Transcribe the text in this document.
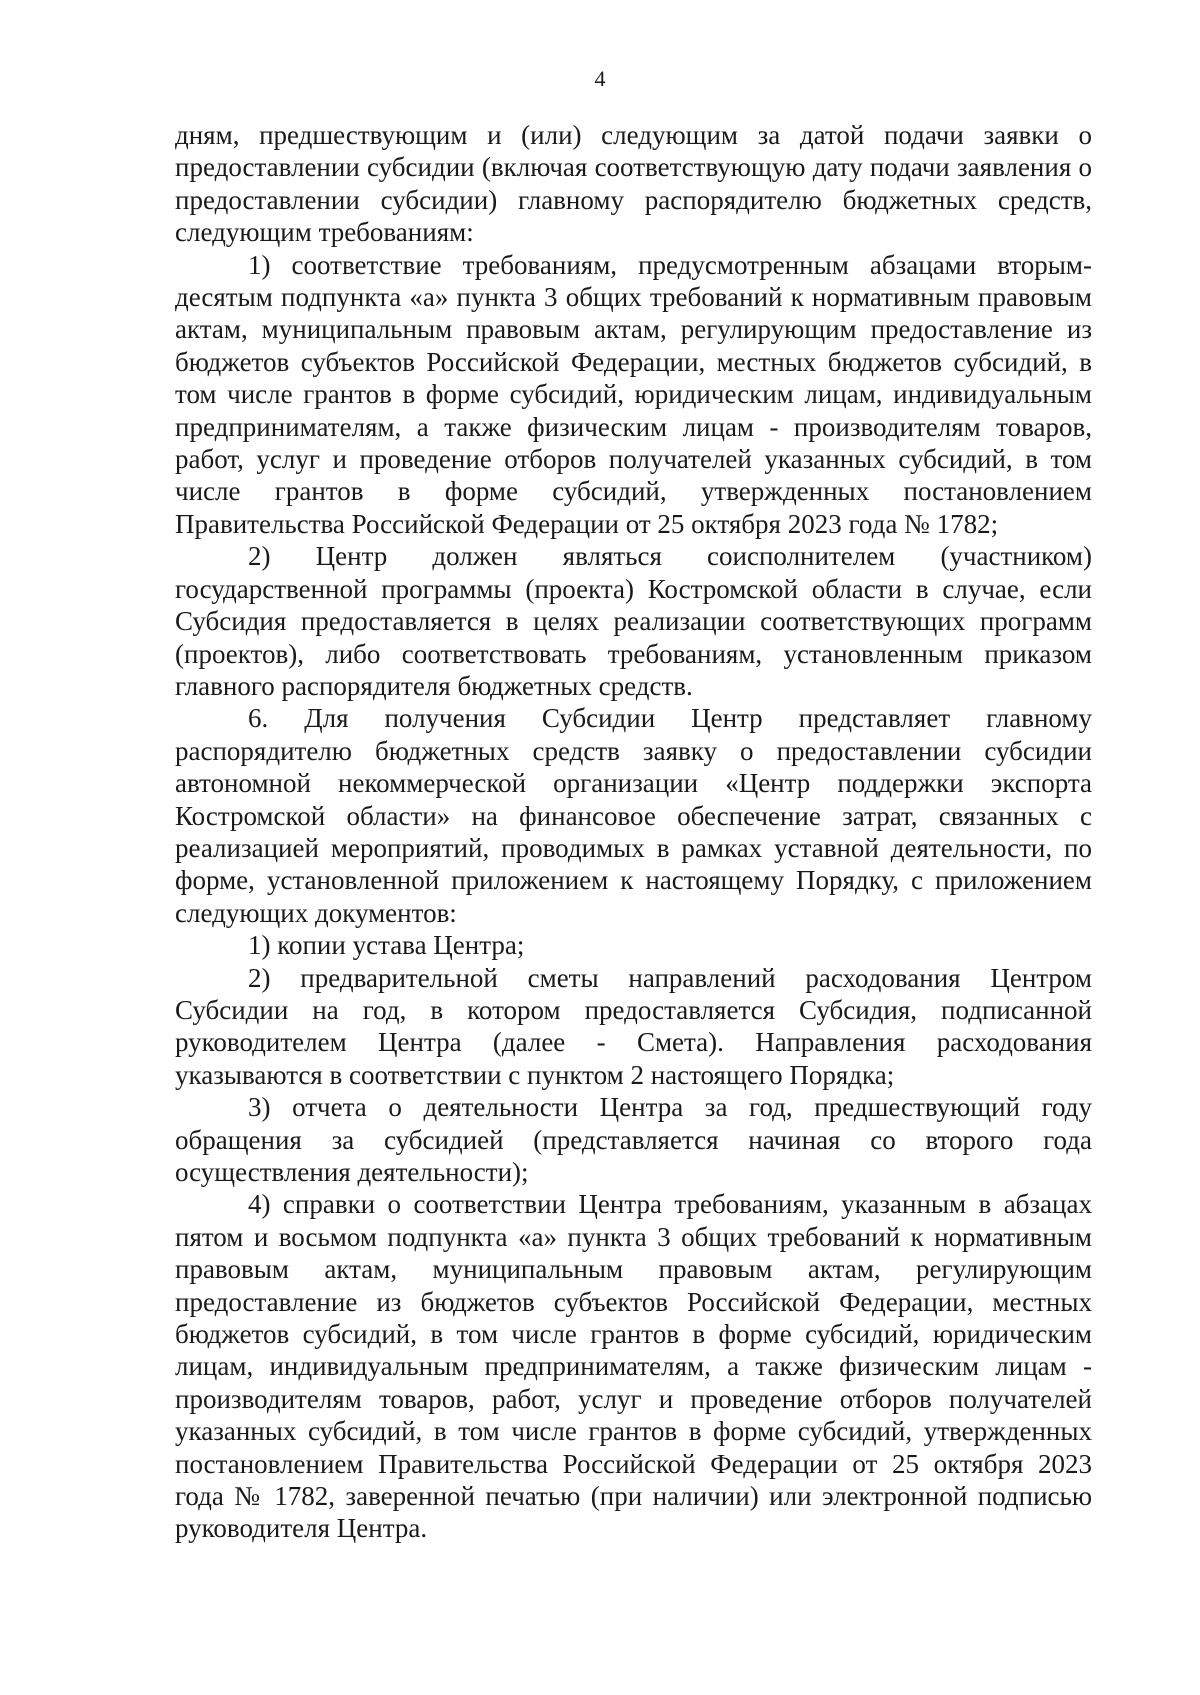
4

дням, предшествующим и (или) следующим за датой подачи заявки о предоставлении субсидии (включая соответствующую дату подачи заявления о предоставлении субсидии) главному распорядителю бюджетных средств, следующим требованиям:

1) соответствие требованиям, предусмотренным абзацами вторым-десятым подпункта «а» пункта 3 общих требований к нормативным правовым актам, муниципальным правовым актам, регулирующим предоставление из бюджетов субъектов Российской Федерации, местных бюджетов субсидий, в том числе грантов в форме субсидий, юридическим лицам, индивидуальным предпринимателям, а также физическим лицам - производителям товаров, работ, услуг и проведение отборов получателей указанных субсидий, в том числе грантов в форме субсидий, утвержденных постановлением Правительства Российской Федерации от 25 октября 2023 года № 1782;

2) Центр должен являться соисполнителем (участником) государственной программы (проекта) Костромской области в случае, если Субсидия предоставляется в целях реализации соответствующих программ (проектов), либо соответствовать требованиям, установленным приказом главного распорядителя бюджетных средств.

6. Для получения Субсидии Центр представляет главному распорядителю бюджетных средств заявку о предоставлении субсидии автономной некоммерческой организации «Центр поддержки экспорта Костромской области» на финансовое обеспечение затрат, связанных с реализацией мероприятий, проводимых в рамках уставной деятельности, по форме, установленной приложением к настоящему Порядку, с приложением следующих документов:

1) копии устава Центра;

2) предварительной сметы направлений расходования Центром Субсидии на год, в котором предоставляется Субсидия, подписанной руководителем Центра (далее - Смета). Направления расходования указываются в соответствии с пунктом 2 настоящего Порядка;

3) отчета о деятельности Центра за год, предшествующий году обращения за субсидией (представляется начиная со второго года осуществления деятельности);

4) справки о соответствии Центра требованиям, указанным в абзацах пятом и восьмом подпункта «а» пункта 3 общих требований к нормативным правовым актам, муниципальным правовым актам, регулирующим предоставление из бюджетов субъектов Российской Федерации, местных бюджетов субсидий, в том числе грантов в форме субсидий, юридическим лицам, индивидуальным предпринимателям, а также физическим лицам - производителям товаров, работ, услуг и проведение отборов получателей указанных субсидий, в том числе грантов в форме субсидий, утвержденных постановлением Правительства Российской Федерации от 25 октября 2023 года № 1782, заверенной печатью (при наличии) или электронной подписью руководителя Центра.
